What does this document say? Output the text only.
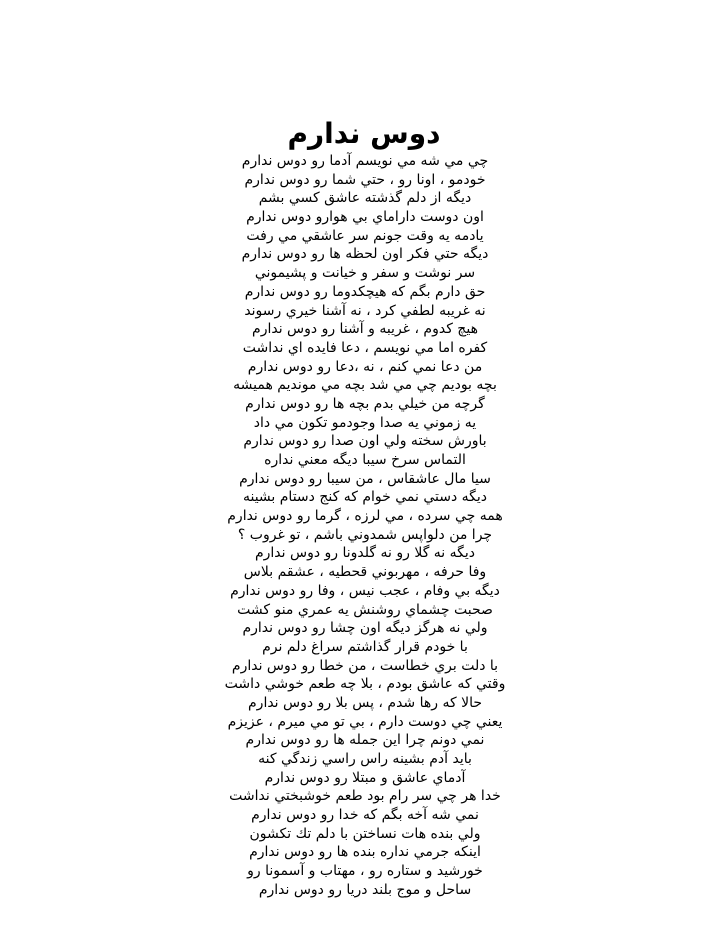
دوس ندارم
چي مي شه مي نويسم آدما رو دوس ندارم
خودمو ، اونا رو ، حتي شما رو دوس ندارم
ديگه از دلم گذشته عاشق كسي بشم
اون دوست داراماي بي هوارو دوس ندارم
يادمه يه وقت جونم سر عاشقي مي رفت
ديگه حتي فكر اون لحظه ها رو دوس ندارم
سر نوشت و سفر و خيانت و پشيموني
حق دارم بگم كه هيچكدوما رو دوس ندارم
نه غريبه لطفي كرد ، نه آشنا خيري رسوند
هيچ كدوم ، غريبه و آشنا رو دوس ندارم
كفره اما مي نويسم ، دعا فايده اي نداشت
من دعا نمي كنم ، نه ،دعا رو دوس ندارم
بچه بوديم چي مي شد بچه مي مونديم هميشه
گرچه من خيلي بدم بچه ها رو دوس ندارم
يه زموني يه صدا وجودمو تكون مي داد
باورش سخته ولي اون صدا رو دوس ندارم
التماس سرخ سيبا ديگه معني نداره
سيا مال عاشقاس ، من سيبا رو دوس ندارم
ديگه دستي نمي خوام كه كنج دستام بشينه
همه چي سرده ، مي لرزه ، گرما رو دوس ندارم
چرا من دلواپس شمدوني باشم ، تو غروب ؟
ديگه نه گلا رو نه گلدونا رو دوس ندارم
وفا حرفه ، مهربوني قحطيه ، عشقم بلاس
ديگه بي وفام ، عجب نيس ، وفا رو دوس ندارم
صحبت چشماي روشنش يه عمري منو كشت
ولي نه هرگز ديگه اون چشا رو دوس ندارم
با خودم قرار گذاشتم سراغ دلم نرم
با دلت بري خطاست ، من خطا رو دوس ندارم
وقتي كه عاشق بودم ، بلا چه طعم خوشي داشت
حالا كه رها شدم ، پس بلا رو دوس ندارم
يعني چي دوست دارم ، بي تو مي ميرم ، عزيزم
نمي دونم چرا اين جمله ها رو دوس ندارم
بايد آدم بشينه راس راسي زندگي كنه
آدماي عاشق و مبتلا رو دوس ندارم
خدا هر چي سر رام بود طعم خوشبختي نداشت
نمي شه آخه بگم كه خدا رو دوس ندارم
ولي بنده هات نساختن با دلم تك تكشون
اينكه جرمي نداره بنده ها رو دوس ندارم
خورشيد و ستاره رو ، مهتاب و آسمونا رو
ساحل و موج بلند دريا رو دوس ندارم
